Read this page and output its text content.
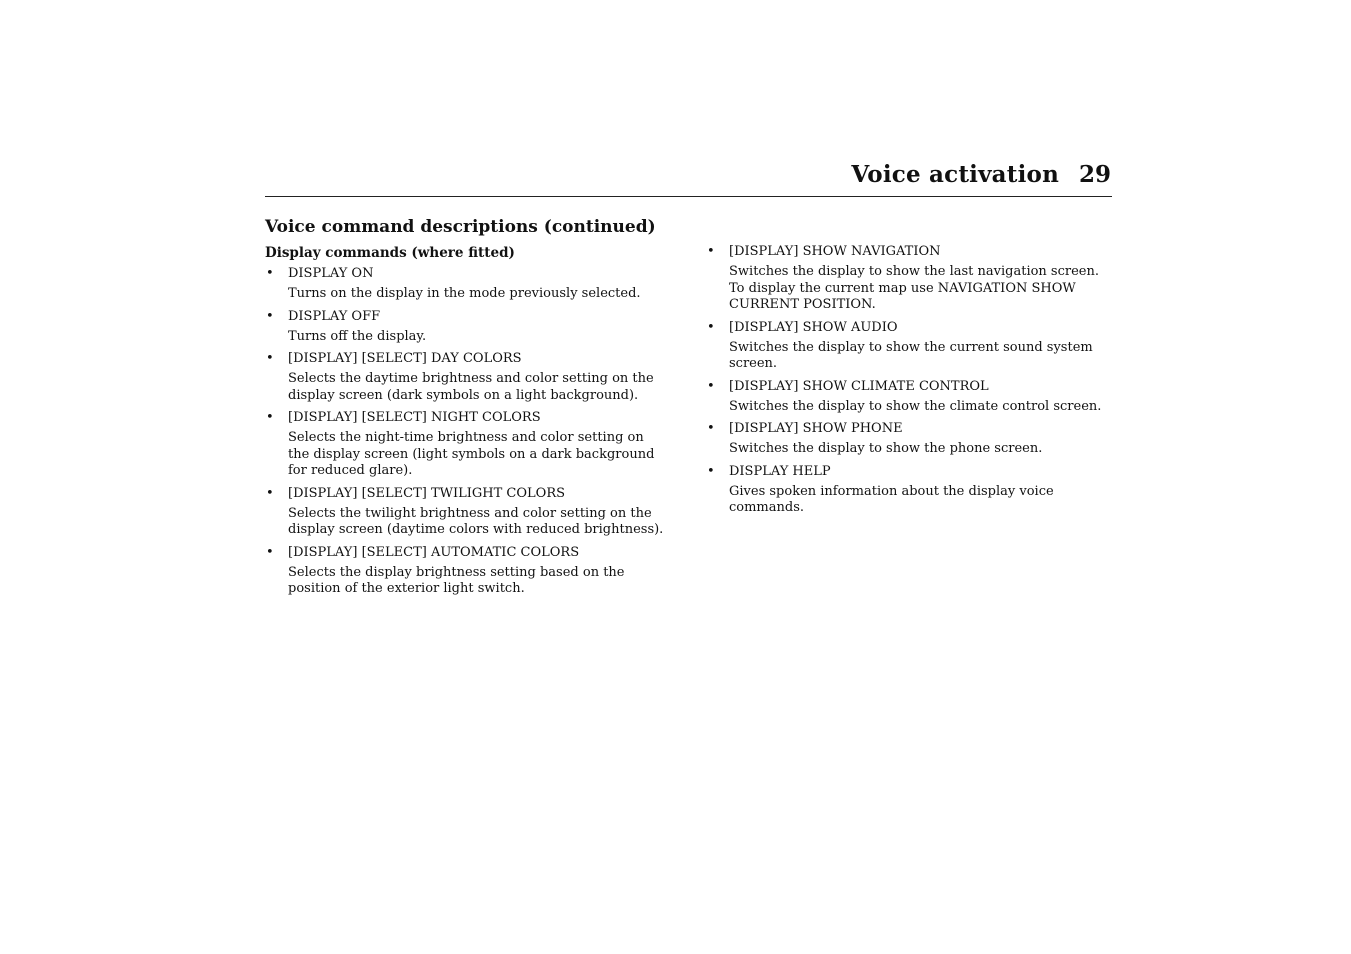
Voice activation 29
Voice command descriptions (continued)
Display commands (where fitted)
• DISPLAY ON
Turns on the display in the mode previously selected.
• DISPLAY OFF
Turns off the display.
• [DISPLAY] [SELECT] DAY COLORS
Selects the daytime brightness and color setting on the display screen (dark symbols on a light background).
• [DISPLAY] [SELECT] NIGHT COLORS
Selects the night-time brightness and color setting on the display screen (light symbols on a dark background for reduced glare).
• [DISPLAY] [SELECT] TWILIGHT COLORS
Selects the twilight brightness and color setting on the display screen (daytime colors with reduced brightness).
• [DISPLAY] [SELECT] AUTOMATIC COLORS
Selects the display brightness setting based on the position of the exterior light switch.
• [DISPLAY] SHOW NAVIGATION
Switches the display to show the last navigation screen. To display the current map use NAVIGATION SHOW CURRENT POSITION.
• [DISPLAY] SHOW AUDIO
Switches the display to show the current sound system screen.
• [DISPLAY] SHOW CLIMATE CONTROL
Switches the display to show the climate control screen.
• [DISPLAY] SHOW PHONE
Switches the display to show the phone screen.
• DISPLAY HELP
Gives spoken information about the display voice commands.
